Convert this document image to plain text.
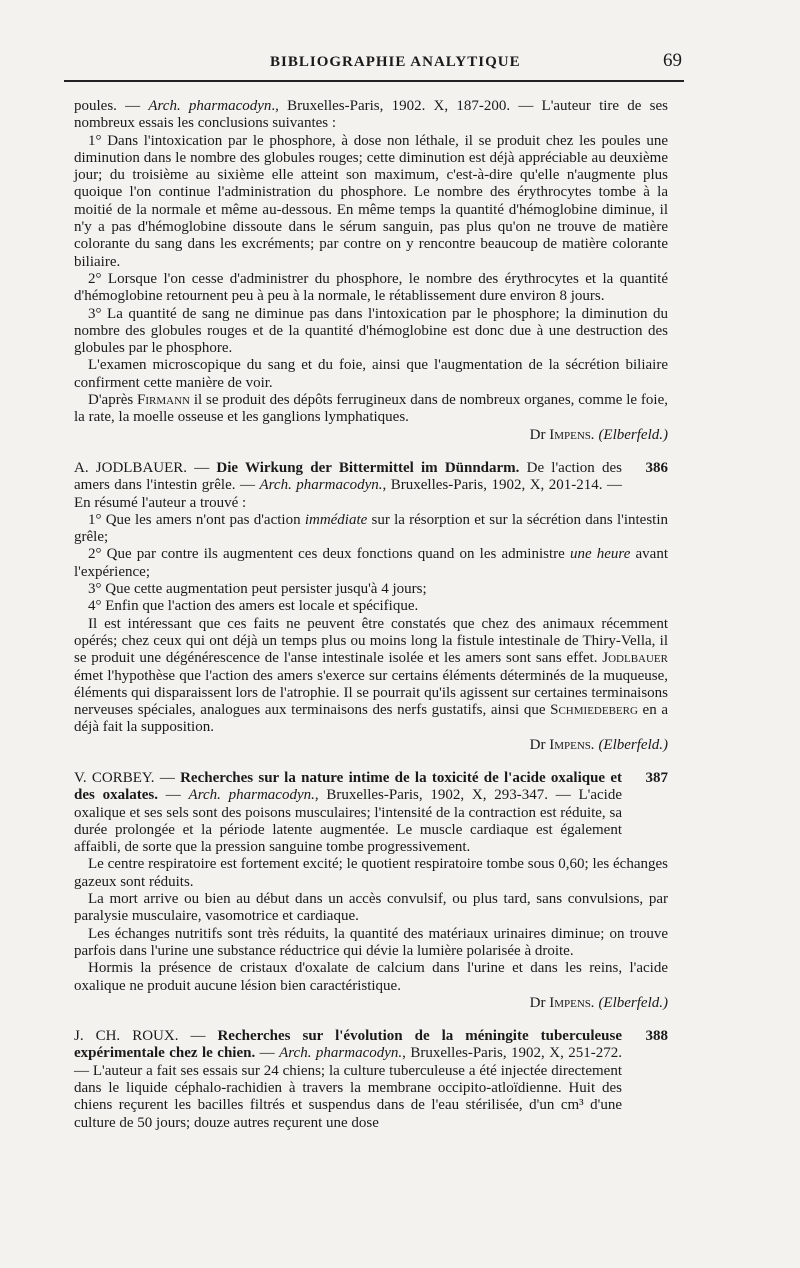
BIBLIOGRAPHIE ANALYTIQUE	69

poules. — Arch. pharmacodyn., Bruxelles-Paris, 1902. X, 187-200. — L'auteur tire de ses nombreux essais les conclusions suivantes :

1° Dans l'intoxication par le phosphore, à dose non léthale, il se produit chez les poules une diminution dans le nombre des globules rouges; cette diminution est déjà appréciable au deuxième jour; du troisième au sixième elle atteint son maximum, c'est-à-dire qu'elle n'augmente plus quoique l'on continue l'administration du phosphore. Le nombre des érythrocytes tombe à la moitié de la normale et même au-dessous. En même temps la quantité d'hémoglobine diminue, il n'y a pas d'hémoglobine dissoute dans le sérum sanguin, pas plus qu'on ne trouve de matière colorante du sang dans les excréments; par contre on y rencontre beaucoup de matière colorante biliaire.

2° Lorsque l'on cesse d'administrer du phosphore, le nombre des érythrocytes et la quantité d'hémoglobine retournent peu à peu à la normale, le rétablissement dure environ 8 jours.

3° La quantité de sang ne diminue pas dans l'intoxication par le phosphore; la diminution du nombre des globules rouges et de la quantité d'hémoglobine est donc due à une destruction des globules par le phosphore.

L'examen microscopique du sang et du foie, ainsi que l'augmentation de la sécrétion biliaire confirment cette manière de voir.

D'après Firmann il se produit des dépôts ferrugineux dans de nombreux organes, comme le foie, la rate, la moelle osseuse et les ganglions lymphatiques.

Dr Impens. (Elberfeld.)

386
A. JODLBAUER. — Die Wirkung der Bittermittel im Dünndarm. De l'action des amers dans l'intestin grêle. — Arch. pharmacodyn., Bruxelles-Paris, 1902, X, 201-214. — En résumé l'auteur a trouvé :

1° Que les amers n'ont pas d'action immédiate sur la résorption et sur la sécrétion dans l'intestin grêle;

2° Que par contre ils augmentent ces deux fonctions quand on les administre une heure avant l'expérience;

3° Que cette augmentation peut persister jusqu'à 4 jours;

4° Enfin que l'action des amers est locale et spécifique.

Il est intéressant que ces faits ne peuvent être constatés que chez des animaux récemment opérés; chez ceux qui ont déjà un temps plus ou moins long la fistule intestinale de Thiry-Vella, il se produit une dégénérescence de l'anse intestinale isolée et les amers sont sans effet. Jodlbauer émet l'hypothèse que l'action des amers s'exerce sur certains éléments déterminés de la muqueuse, éléments qui disparaissent lors de l'atrophie. Il se pourrait qu'ils agissent sur certaines terminaisons nerveuses spéciales, analogues aux terminaisons des nerfs gustatifs, ainsi que Schmiedeberg en a déjà fait la supposition.

Dr Impens. (Elberfeld.)

387
V. CORBEY. — Recherches sur la nature intime de la toxicité de l'acide oxalique et des oxalates. — Arch. pharmacodyn., Bruxelles-Paris, 1902, X, 293-347. — L'acide oxalique et ses sels sont des poisons musculaires; l'intensité de la contraction est réduite, sa durée prolongée et la période latente augmentée. Le muscle cardiaque est également affaibli, de sorte que la pression sanguine tombe progressivement.

Le centre respiratoire est fortement excité; le quotient respiratoire tombe sous 0,60; les échanges gazeux sont réduits.

La mort arrive ou bien au début dans un accès convulsif, ou plus tard, sans convulsions, par paralysie musculaire, vasomotrice et cardiaque.

Les échanges nutritifs sont très réduits, la quantité des matériaux urinaires diminue; on trouve parfois dans l'urine une substance réductrice qui dévie la lumière polarisée à droite.

Hormis la présence de cristaux d'oxalate de calcium dans l'urine et dans les reins, l'acide oxalique ne produit aucune lésion bien caractéristique.

Dr Impens. (Elberfeld.)

388
J. CH. ROUX. — Recherches sur l'évolution de la méningite tuberculeuse expérimentale chez le chien. — Arch. pharmacodyn., Bruxelles-Paris, 1902, X, 251-272. — L'auteur a fait ses essais sur 24 chiens; la culture tuberculeuse a été injectée directement dans le liquide céphalo-rachidien à travers la membrane occipito-atloïdienne. Huit des chiens reçurent les bacilles filtrés et suspendus dans de l'eau stérilisée, d'un cm³ d'une culture de 50 jours; douze autres reçurent une dose
